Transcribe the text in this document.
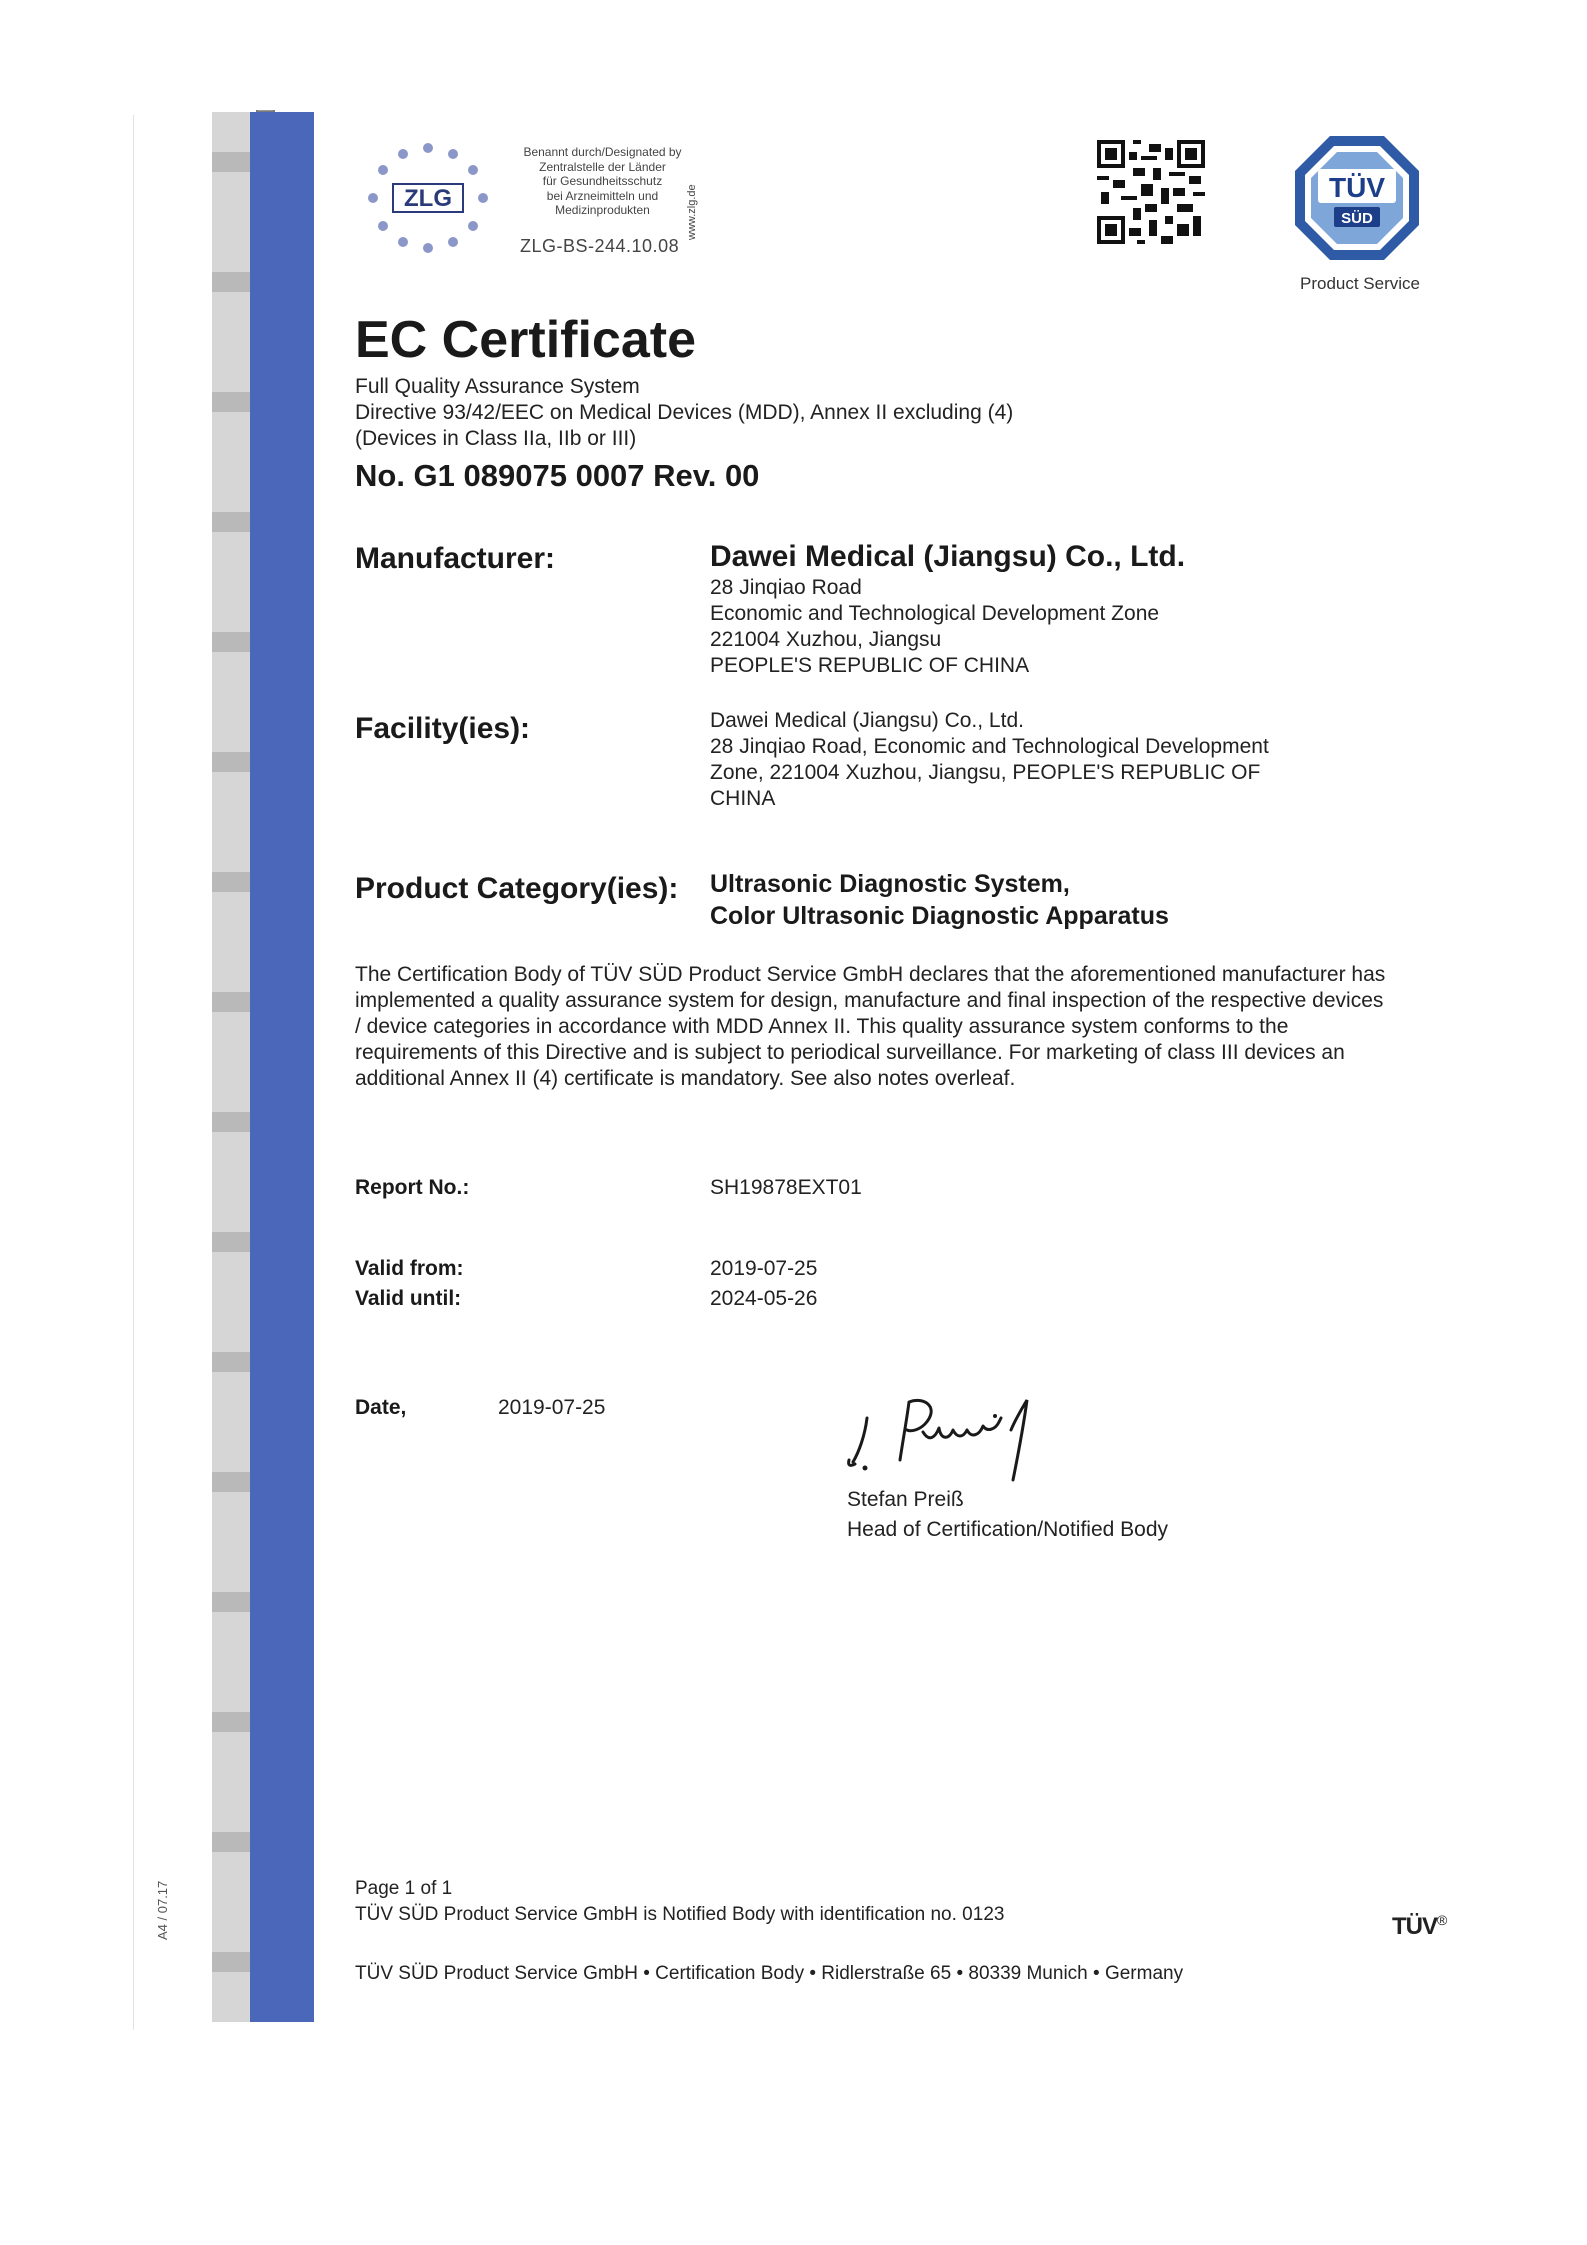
A4 / 07.17	ZERTIFIKAT ◆ CERTIFICATE ◆ 認證證書 ◆ СЕРТИФИКАТ ◆ CERTIFICADO ◆ CERTIFICAT	ZLG
Benannt durch/Designated by
Zentralstelle der Länder
für Gesundheitsschutz
bei Arzneimitteln und
Medizinprodukten	www.zlg.de
ZLG-BS-244.10.08
TÜV
SÜD
Product Service
EC Certificate
Full Quality Assurance System
Directive 93/42/EEC on Medical Devices (MDD), Annex II excluding (4)
(Devices in Class IIa, IIb or III)
No. G1 089075 0007 Rev. 00
Manufacturer:	Dawei Medical (Jiangsu) Co., Ltd.
28 Jinqiao Road
Economic and Technological Development Zone
221004 Xuzhou, Jiangsu
PEOPLE'S REPUBLIC OF CHINA
Facility(ies):	Dawei Medical (Jiangsu) Co., Ltd.
28 Jinqiao Road, Economic and Technological Development
Zone, 221004 Xuzhou, Jiangsu, PEOPLE'S REPUBLIC OF
CHINA
Product Category(ies): Ultrasonic Diagnostic System,
Color Ultrasonic Diagnostic Apparatus
The Certification Body of TÜV SÜD Product Service GmbH declares that the aforementioned manufacturer has implemented a quality assurance system for design, manufacture and final inspection of the respective devices / device categories in accordance with MDD Annex II. This quality assurance system conforms to the requirements of this Directive and is subject to periodical surveillance. For marketing of class III devices an additional Annex II (4) certificate is mandatory. See also notes overleaf.
Report No.:	SH19878EXT01
Valid from:	2019-07-25
Valid until:	2024-05-26
Date,	2019-07-25
Stefan Preiß
Head of Certification/Notified Body
Page 1 of 1
TÜV SÜD Product Service GmbH is Notified Body with identification no. 0123
TÜV SÜD Product Service GmbH • Certification Body • Ridlerstraße 65 • 80339 Munich • Germany
TÜV®
